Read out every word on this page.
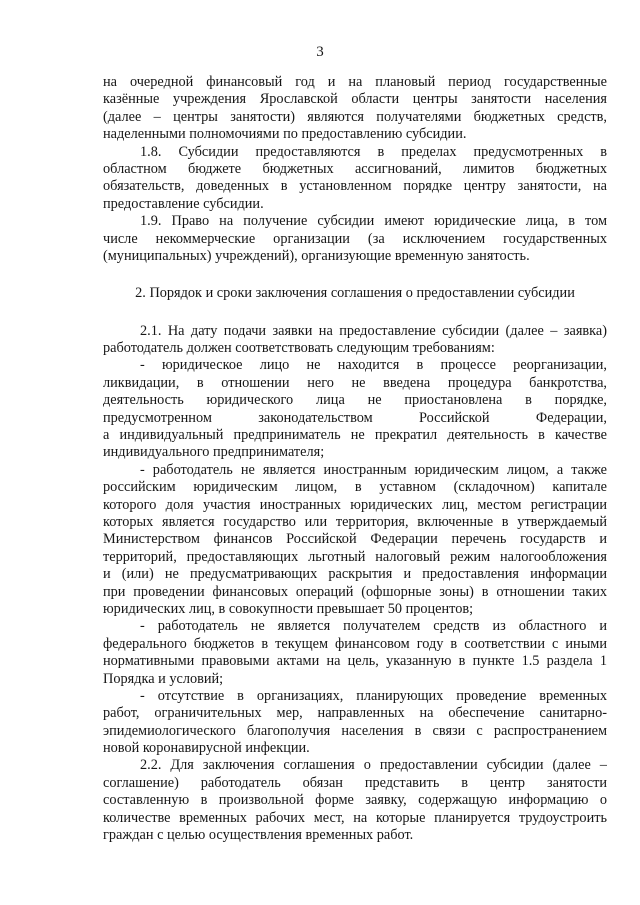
3
на очередной финансовый год и на плановый период государственные
казённые учреждения Ярославской области центры занятости населения
(далее – центры занятости) являются получателями бюджетных средств,
наделенными полномочиями по предоставлению субсидии.
1.8. Субсидии предоставляются в пределах предусмотренных в
областном бюджете бюджетных ассигнований, лимитов бюджетных
обязательств, доведенных в установленном порядке центру занятости, на
предоставление субсидии.
1.9. Право на получение субсидии имеют юридические лица, в том
числе некоммерческие организации (за исключением государственных
(муниципальных) учреждений), организующие временную занятость.
2. Порядок и сроки заключения соглашения о предоставлении субсидии
2.1. На дату подачи заявки на предоставление субсидии (далее – заявка)
работодатель должен соответствовать следующим требованиям:
- юридическое лицо не находится в процессе реорганизации,
ликвидации, в отношении него не введена процедура банкротства,
деятельность юридического лица не приостановлена в порядке,
предусмотренном законодательством Российской Федерации,
а индивидуальный предприниматель не прекратил деятельность в качестве
индивидуального предпринимателя;
- работодатель не является иностранным юридическим лицом, а также
российским юридическим лицом, в уставном (складочном) капитале
которого доля участия иностранных юридических лиц, местом регистрации
которых является государство или территория, включенные в утверждаемый
Министерством финансов Российской Федерации перечень государств и
территорий, предоставляющих льготный налоговый режим налогообложения
и (или) не предусматривающих раскрытия и предоставления информации
при проведении финансовых операций (офшорные зоны) в отношении таких
юридических лиц, в совокупности превышает 50 процентов;
- работодатель не является получателем средств из областного и
федерального бюджетов в текущем финансовом году в соответствии с иными
нормативными правовыми актами на цель, указанную в пункте 1.5 раздела 1
Порядка и условий;
- отсутствие в организациях, планирующих проведение временных
работ, ограничительных мер, направленных на обеспечение санитарно-
эпидемиологического благополучия населения в связи с распространением
новой коронавирусной инфекции.
2.2. Для заключения соглашения о предоставлении субсидии (далее –
соглашение) работодатель обязан представить в центр занятости
составленную в произвольной форме заявку, содержащую информацию о
количестве временных рабочих мест, на которые планируется трудоустроить
граждан с целью осуществления временных работ.
